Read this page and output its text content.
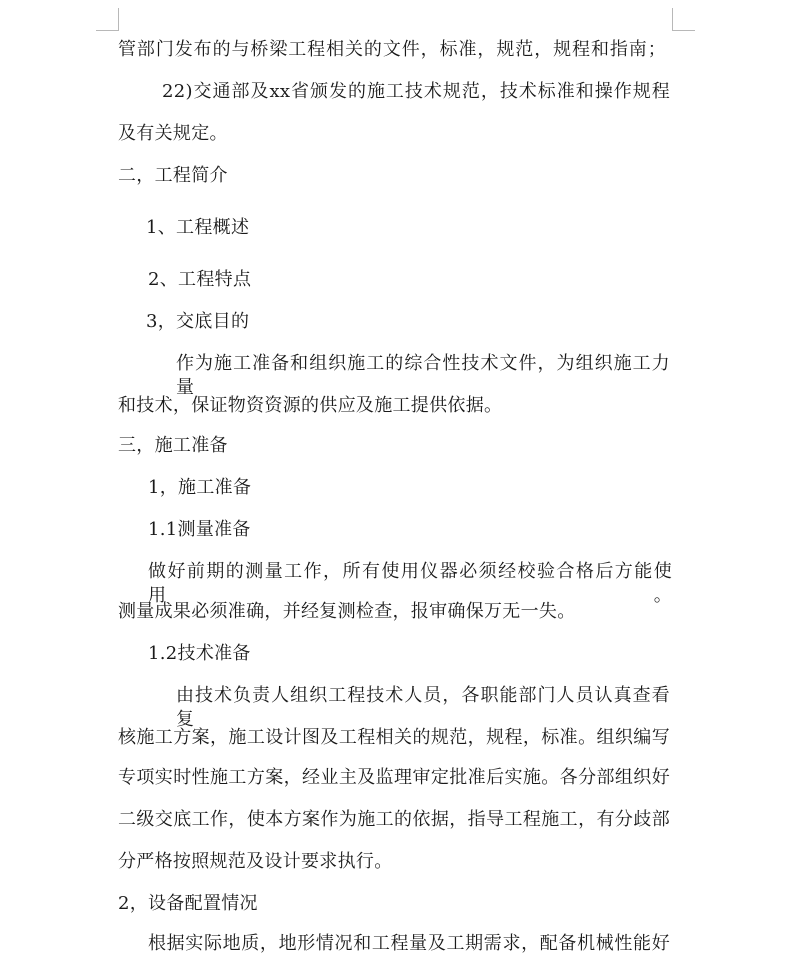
管部门发布的与桥梁工程相关的文件，标准，规范，规程和指南；
22)交通部及xx省颁发的施工技术规范，技术标准和操作规程
及有关规定。
二，工程简介
1、工程概述
2、工程特点
3，交底目的
作为施工准备和组织施工的综合性技术文件，为组织施工力量
和技术，保证物资资源的供应及施工提供依据。
三，施工准备
1，施工准备
1.1测量准备
做好前期的测量工作，所有使用仪器必须经校验合格后方能使用。
测量成果必须准确，并经复测检查，报审确保万无一失。
1.2技术准备
由技术负责人组织工程技术人员，各职能部门人员认真查看复
核施工方案，施工设计图及工程相关的规范，规程，标准。组织编写
专项实时性施工方案，经业主及监理审定批准后实施。各分部组织好
二级交底工作，使本方案作为施工的依据，指导工程施工，有分歧部
分严格按照规范及设计要求执行。
2，设备配置情况
根据实际地质，地形情况和工程量及工期需求，配备机械性能好
